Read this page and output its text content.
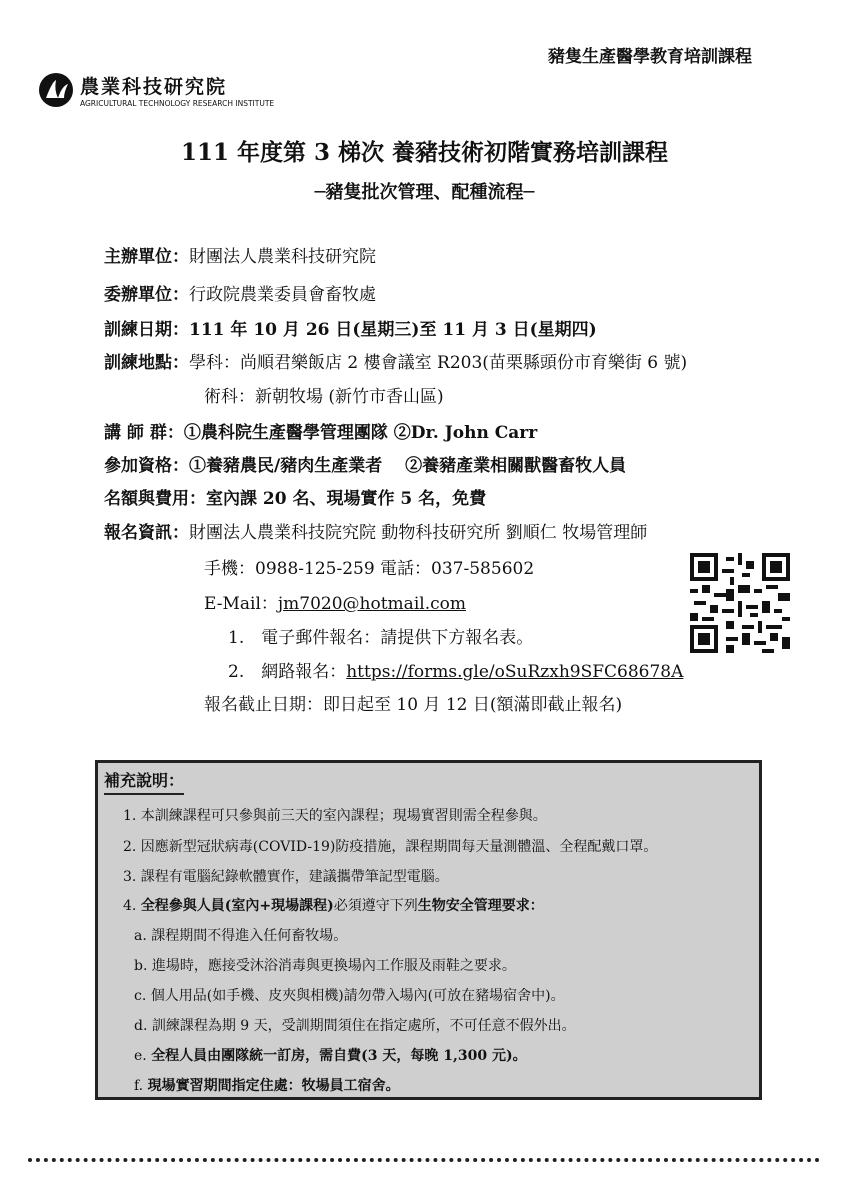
豬隻生產醫學教育培訓課程
農業科技研究院
AGRICULTURAL TECHNOLOGY RESEARCH INSTITUTE
111 年度第 3 梯次 養豬技術初階實務培訓課程
─豬隻批次管理、配種流程─
主辦單位：財團法人農業科技研究院
委辦單位：行政院農業委員會畜牧處
訓練日期：111 年 10 月 26 日(星期三)至 11 月 3 日(星期四)
訓練地點：學科：尚順君樂飯店 2 樓會議室 R203(苗栗縣頭份市育樂街 6 號)
術科：新朝牧場 (新竹市香山區)
講 師 群：①農科院生產醫學管理團隊 ②Dr. John Carr
參加資格：①養豬農民/豬肉生產業者　 ②養豬產業相關獸醫畜牧人員
名額與費用：室內課 20 名、現場實作 5 名，免費
報名資訊：財團法人農業科技院究院 動物科技研究所 劉順仁 牧場管理師
手機：0988-125-259 電話：037-585602
E-Mail：jm7020@hotmail.com
1.　電子郵件報名：請提供下方報名表。
2.　網路報名：https://forms.gle/oSuRzxh9SFC68678A
報名截止日期：即日起至 10 月 12 日(額滿即截止報名)
補充說明：
1. 本訓練課程可只參與前三天的室內課程；現場實習則需全程參與。
2. 因應新型冠狀病毒(COVID-19)防疫措施，課程期間每天量測體溫、全程配戴口罩。
3. 課程有電腦紀錄軟體實作，建議攜帶筆記型電腦。
4. 全程參與人員(室內+現場課程)必須遵守下列生物安全管理要求：
a. 課程期間不得進入任何畜牧場。
b. 進場時，應接受沐浴消毒與更換場內工作服及雨鞋之要求。
c. 個人用品(如手機、皮夾與相機)請勿帶入場內(可放在豬場宿舍中)。
d. 訓練課程為期 9 天，受訓期間須住在指定處所，不可任意不假外出。
e. 全程人員由團隊統一訂房，需自費(3 天，每晚 1,300 元)。
f. 現場實習期間指定住處：牧場員工宿舍。
